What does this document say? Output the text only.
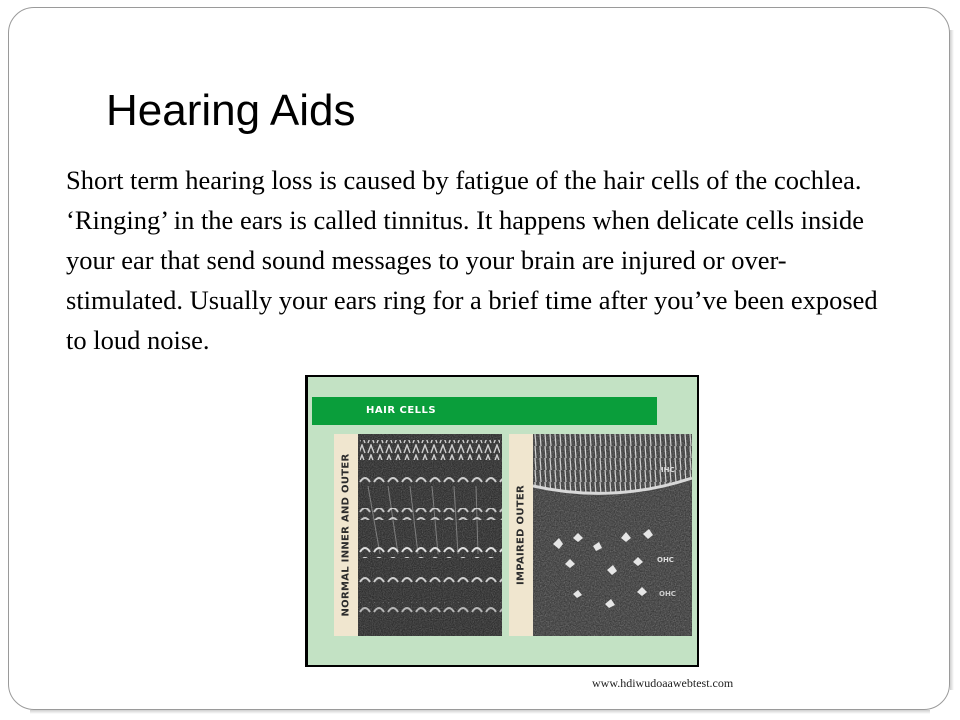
Hearing Aids

Short term hearing loss is caused by fatigue of the hair cells of the cochlea. ‘Ringing’ in the ears is called tinnitus. It happens when delicate cells inside your ear that send sound messages to your brain are injured or over-stimulated. Usually your ears ring for a brief time after you’ve been exposed to loud noise.

HAIR CELLS
NORMAL INNER AND OUTER	IMPAIRED OUTER
IHC
OHC
OHC
www.hdiwudoaawebtest.com
